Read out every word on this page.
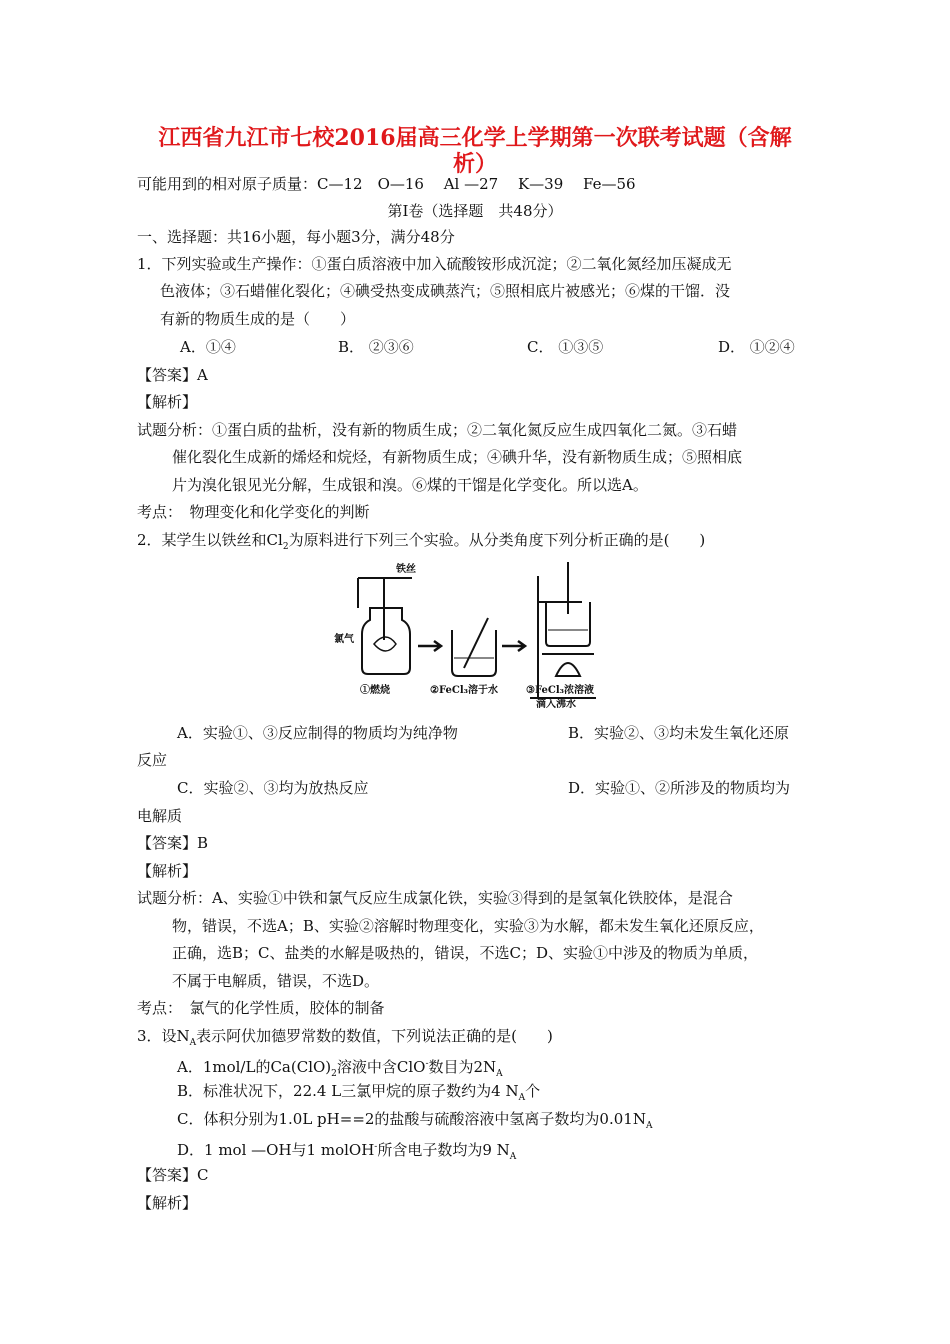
江西省九江市七校2016届高三化学上学期第一次联考试题（含解
析）
可能用到的相对原子质量：C—12　O—16　 Al —27　 K—39　 Fe—56
第Ⅰ卷（选择题　共48分）
一、选择题：共16小题，每小题3分，满分48分
1．下列实验或生产操作：①蛋白质溶液中加入硫酸铵形成沉淀；②二氧化氮经加压凝成无
色液体；③石蜡催化裂化；④碘受热变成碘蒸汽；⑤照相底片被感光；⑥煤的干馏．没
有新的物质生成的是（　　）
A．①④	B． ②③⑥	C． ①③⑤	D． ①②④
【答案】A
【解析】
试题分析：①蛋白质的盐析，没有新的物质生成；②二氧化氮反应生成四氧化二氮。③石蜡
催化裂化生成新的烯烃和烷烃，有新物质生成；④碘升华，没有新物质生成；⑤照相底
片为溴化银见光分解，生成银和溴。⑥煤的干馏是化学变化。所以选A。
考点：　物理变化和化学变化的判断
2．某学生以铁丝和$Cl_2$为原料进行下列三个实验。从分类角度下列分析正确的是(　　)
铁丝
氯气
①燃烧	②FeCl₃溶于水	③FeCl₃浓溶液
滴入沸水
A．实验①、③反应制得的物质均为纯净物	B．实验②、③均未发生氧化还原
反应
C．实验②、③均为放热反应	D．实验①、②所涉及的物质均为
电解质
【答案】B
【解析】
试题分析：A、实验①中铁和氯气反应生成氯化铁，实验③得到的是氢氧化铁胶体，是混合
物，错误，不选A；B、实验②溶解时物理变化，实验③为水解，都未发生氧化还原反应，
正确，选B；C、盐类的水解是吸热的，错误，不选C；D、实验①中涉及的物质为单质，
不属于电解质，错误，不选D。
考点：　氯气的化学性质，胶体的制备
3．设$N_A$表示阿伏加德罗常数的数值，下列说法正确的是(　　)
A．1mol/L的$Ca(ClO)_2$溶液中含ClO-数目为$2N_A$
B．标准状况下，22.4 L三氯甲烷的原子数约为4 $N_A$个
C．体积分别为1.0L pH==2的盐酸与硫酸溶液中氢离子数均为$0.01N_A$
D．1 mol —OH与1 molOH-所含电子数均为9 $N_A$
【答案】C
【解析】
